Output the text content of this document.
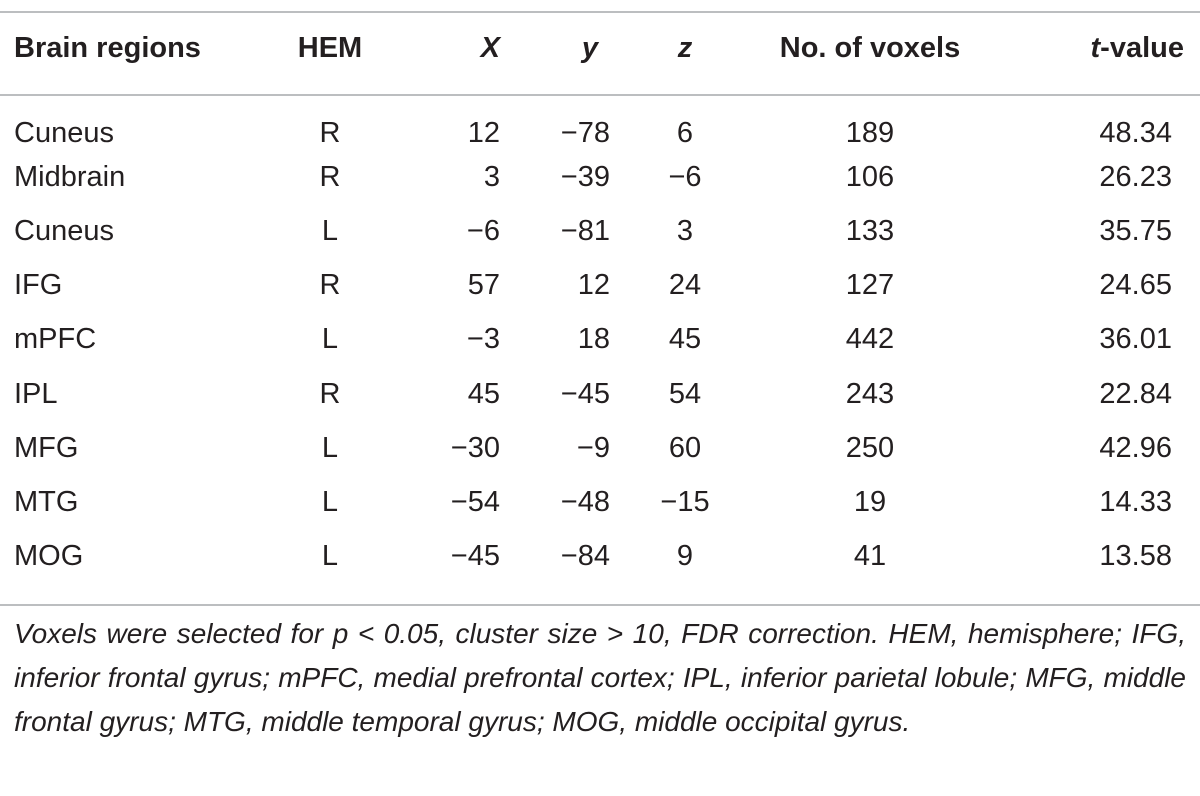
Brain regions	HEM	X	y	z	No. of voxels	t-value
Cuneus	R	12	−78	6	189	48.34
Midbrain	R	3	−39	−6	106	26.23
Cuneus	L	−6	−81	3	133	35.75
IFG	R	57	12	24	127	24.65
mPFC	L	−3	18	45	442	36.01
IPL	R	45	−45	54	243	22.84
MFG	L	−30	−9	60	250	42.96
MTG	L	−54	−48	−15	19	14.33
MOG	L	−45	−84	9	41	13.58
Voxels were selected for p < 0.05, cluster size > 10, FDR correction. HEM, hemisphere; IFG, inferior frontal gyrus; mPFC, medial prefrontal cortex; IPL, inferior parietal lobule; MFG, middle frontal gyrus; MTG, middle temporal gyrus; MOG, middle occipital gyrus.
